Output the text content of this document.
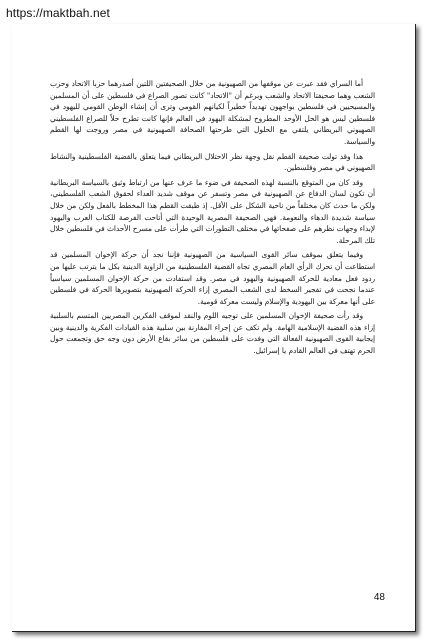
https://maktbah.net

أما السراي فقد عبرت عن موقفها من الصهيونية من خلال الصحيفتين اللتين أصدرهما حزبا الاتحاد وحزب الشعب وهما صحيفتا الاتحاد والشعب وبرغم أن "الاتحاد" كانت تصور الصراع في فلسطين على أن المسلمين والمسيحيين في فلسطين يواجهون تهديداً خطيراً لكيانهم القومي وترى أن إنشاء الوطن القومي لليهود في فلسطين ليس هو الحل الأوحد المطروح لمشكلة اليهود في العالم فإنها كانت تطرح حلاً للصراع الفلسطيني الصهيوني البريطاني يلتقي مع الحلول التي طرحتها الصحافة الصهيونية في مصر وروجت لها القطم والسياسة.

هذا وقد تولت صحيفة القطم نقل وجهة نظر الاحتلال البريطاني فيما يتعلق بالقضية الفلسطينية والنشاط الصهيوني في مصر وفلسطين.

وقد كان من المتوقع بالنسبة لهذه الصحيفة في ضوء ما عرف عنها من ارتباط وثيق بالسياسة البريطانية أن تكون لسان الدفاع عن الصهيونية في مصر وتسفر عن موقف شديد العداء لحقوق الشعب الفلسطيني، ولكن ما حدث كان مختلفاً من ناحية الشكل على الأقل. إذ طبقت القطم هذا المخطط بالفعل ولكن من خلال سياسة شديدة الدهاء والنعومة. فهي الصحيفة المصرية الوحيدة التي أتاحت الفرصة للكتاب العرب واليهود لإبداء وجهات نظرهم على صفحاتها في مختلف التطورات التي طرأت على مسرح الأحداث في فلسطين خلال تلك المرحلة.

وفيما يتعلق بموقف سائر القوى السياسية من الصهيونية فإننا نجد أن حركة الإخوان المسلمين قد استطاعت أن تحرك الرأي العام المصري تجاه القضية الفلسطينية من الزاوية الدينية بكل ما يترتب عليها من ردود فعل معادية للحركة الصهيونية واليهود في مصر. وقد استفادت من حركة الإخوان المسلمين سياسياً عندما نجحت في تفجير السخط لدى الشعب المصري إزاء الحركة الصهيونية بتصويرها الحركة في فلسطين على أنها معركة بين اليهودية والإسلام وليست معركة قومية.

وقد رأت صحيفة الإخوان المسلمين على توجيه اللوم والنقد لموقف الفكرين المصريين المتسم بالسلبية إزاء هذه القضية الإسلامية الهامة. ولم تكف عن إجراء المقارنة بين سلبية هذه القيادات الفكرية والدينية وبين إيجابية القوى الصهيونية الفعالة التي وفدت على فلسطين من سائر بقاع الأرض دون وجه حق وتجمعت حول الحرم تهتف في العالم القادم يا إسرائيل.

48
